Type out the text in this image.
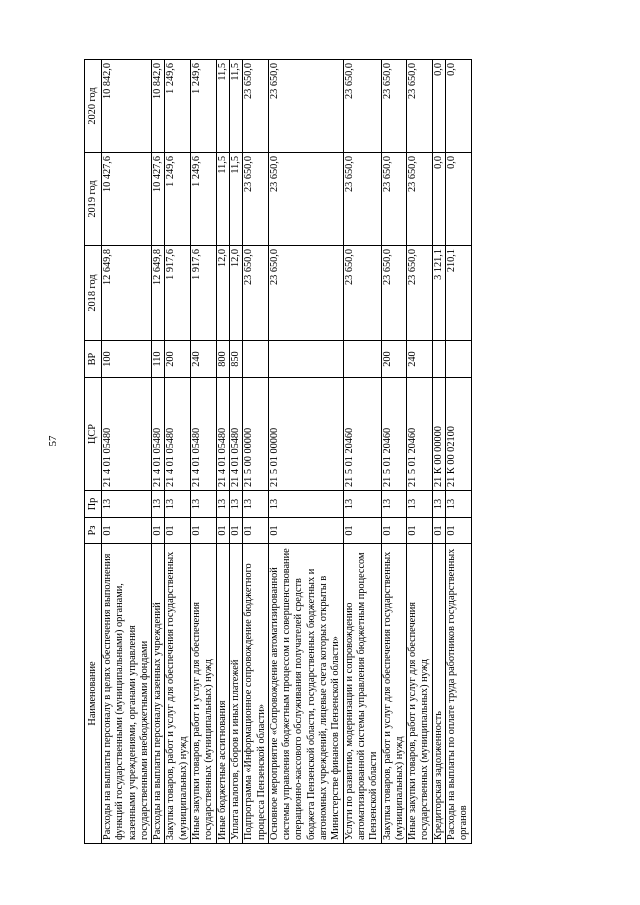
57
Наименование	Рз	Пр	ЦСР	ВР	2018 год	2019 год	2020 год
Расходы на выплаты персоналу в целях обеспечения выполнения функций государственными (муниципальными) органами, казенными учреждениями, органами управления государственными внебюджетными фондами	01	13	21 4 01 05480	100	12 649,8	10 427,6	10 842,0
Расходы на выплаты персоналу казенных учреждений	01	13	21 4 01 05480	110	12 649,8	10 427,6	10 842,0
Закупка товаров, работ и услуг для обеспечения государственных (муниципальных) нужд	01	13	21 4 01 05480	200	1 917,6	1 249,6	1 249,6
Иные закупки товаров, работ и услуг для обеспечения государственных (муниципальных) нужд	01	13	21 4 01 05480	240	1 917,6	1 249,6	1 249,6
Иные бюджетные ассигнования	01	13	21 4 01 05480	800	12,0	11,5	11,5
Уплата налогов, сборов и иных платежей	01	13	21 4 01 05480	850	12,0	11,5	11,5
Подпрограмма «Информационное сопровождение бюджетного процесса Пензенской области»	01	13	21 5 00 00000		23 650,0	23 650,0	23 650,0
Основное мероприятие «Сопровождение автоматизированной системы управления бюджетным процессом и совершенствование операционно-кассового обслуживания получателей средств бюджета Пензенской области, государственных бюджетных и автономных учреждений, лицевые счета которых открыты в Министерстве финансов Пензенской области»	01	13	21 5 01 00000		23 650,0	23 650,0	23 650,0
Услуги по развитию, модернизации и сопровождению автоматизированной системы управления бюджетным процессом Пензенской области	01	13	21 5 01 20460		23 650,0	23 650,0	23 650,0
Закупка товаров, работ и услуг для обеспечения государственных (муниципальных) нужд	01	13	21 5 01 20460	200	23 650,0	23 650,0	23 650,0
Иные закупки товаров, работ и услуг для обеспечения государственных (муниципальных) нужд	01	13	21 5 01 20460	240	23 650,0	23 650,0	23 650,0
Кредиторская задолженность	01	13	21 К 00 00000		3 121,1	0,0	0,0
Расходы на выплаты по оплате труда работников государственных органов	01	13	21 К 00 02100		210,1	0,0	0,0
